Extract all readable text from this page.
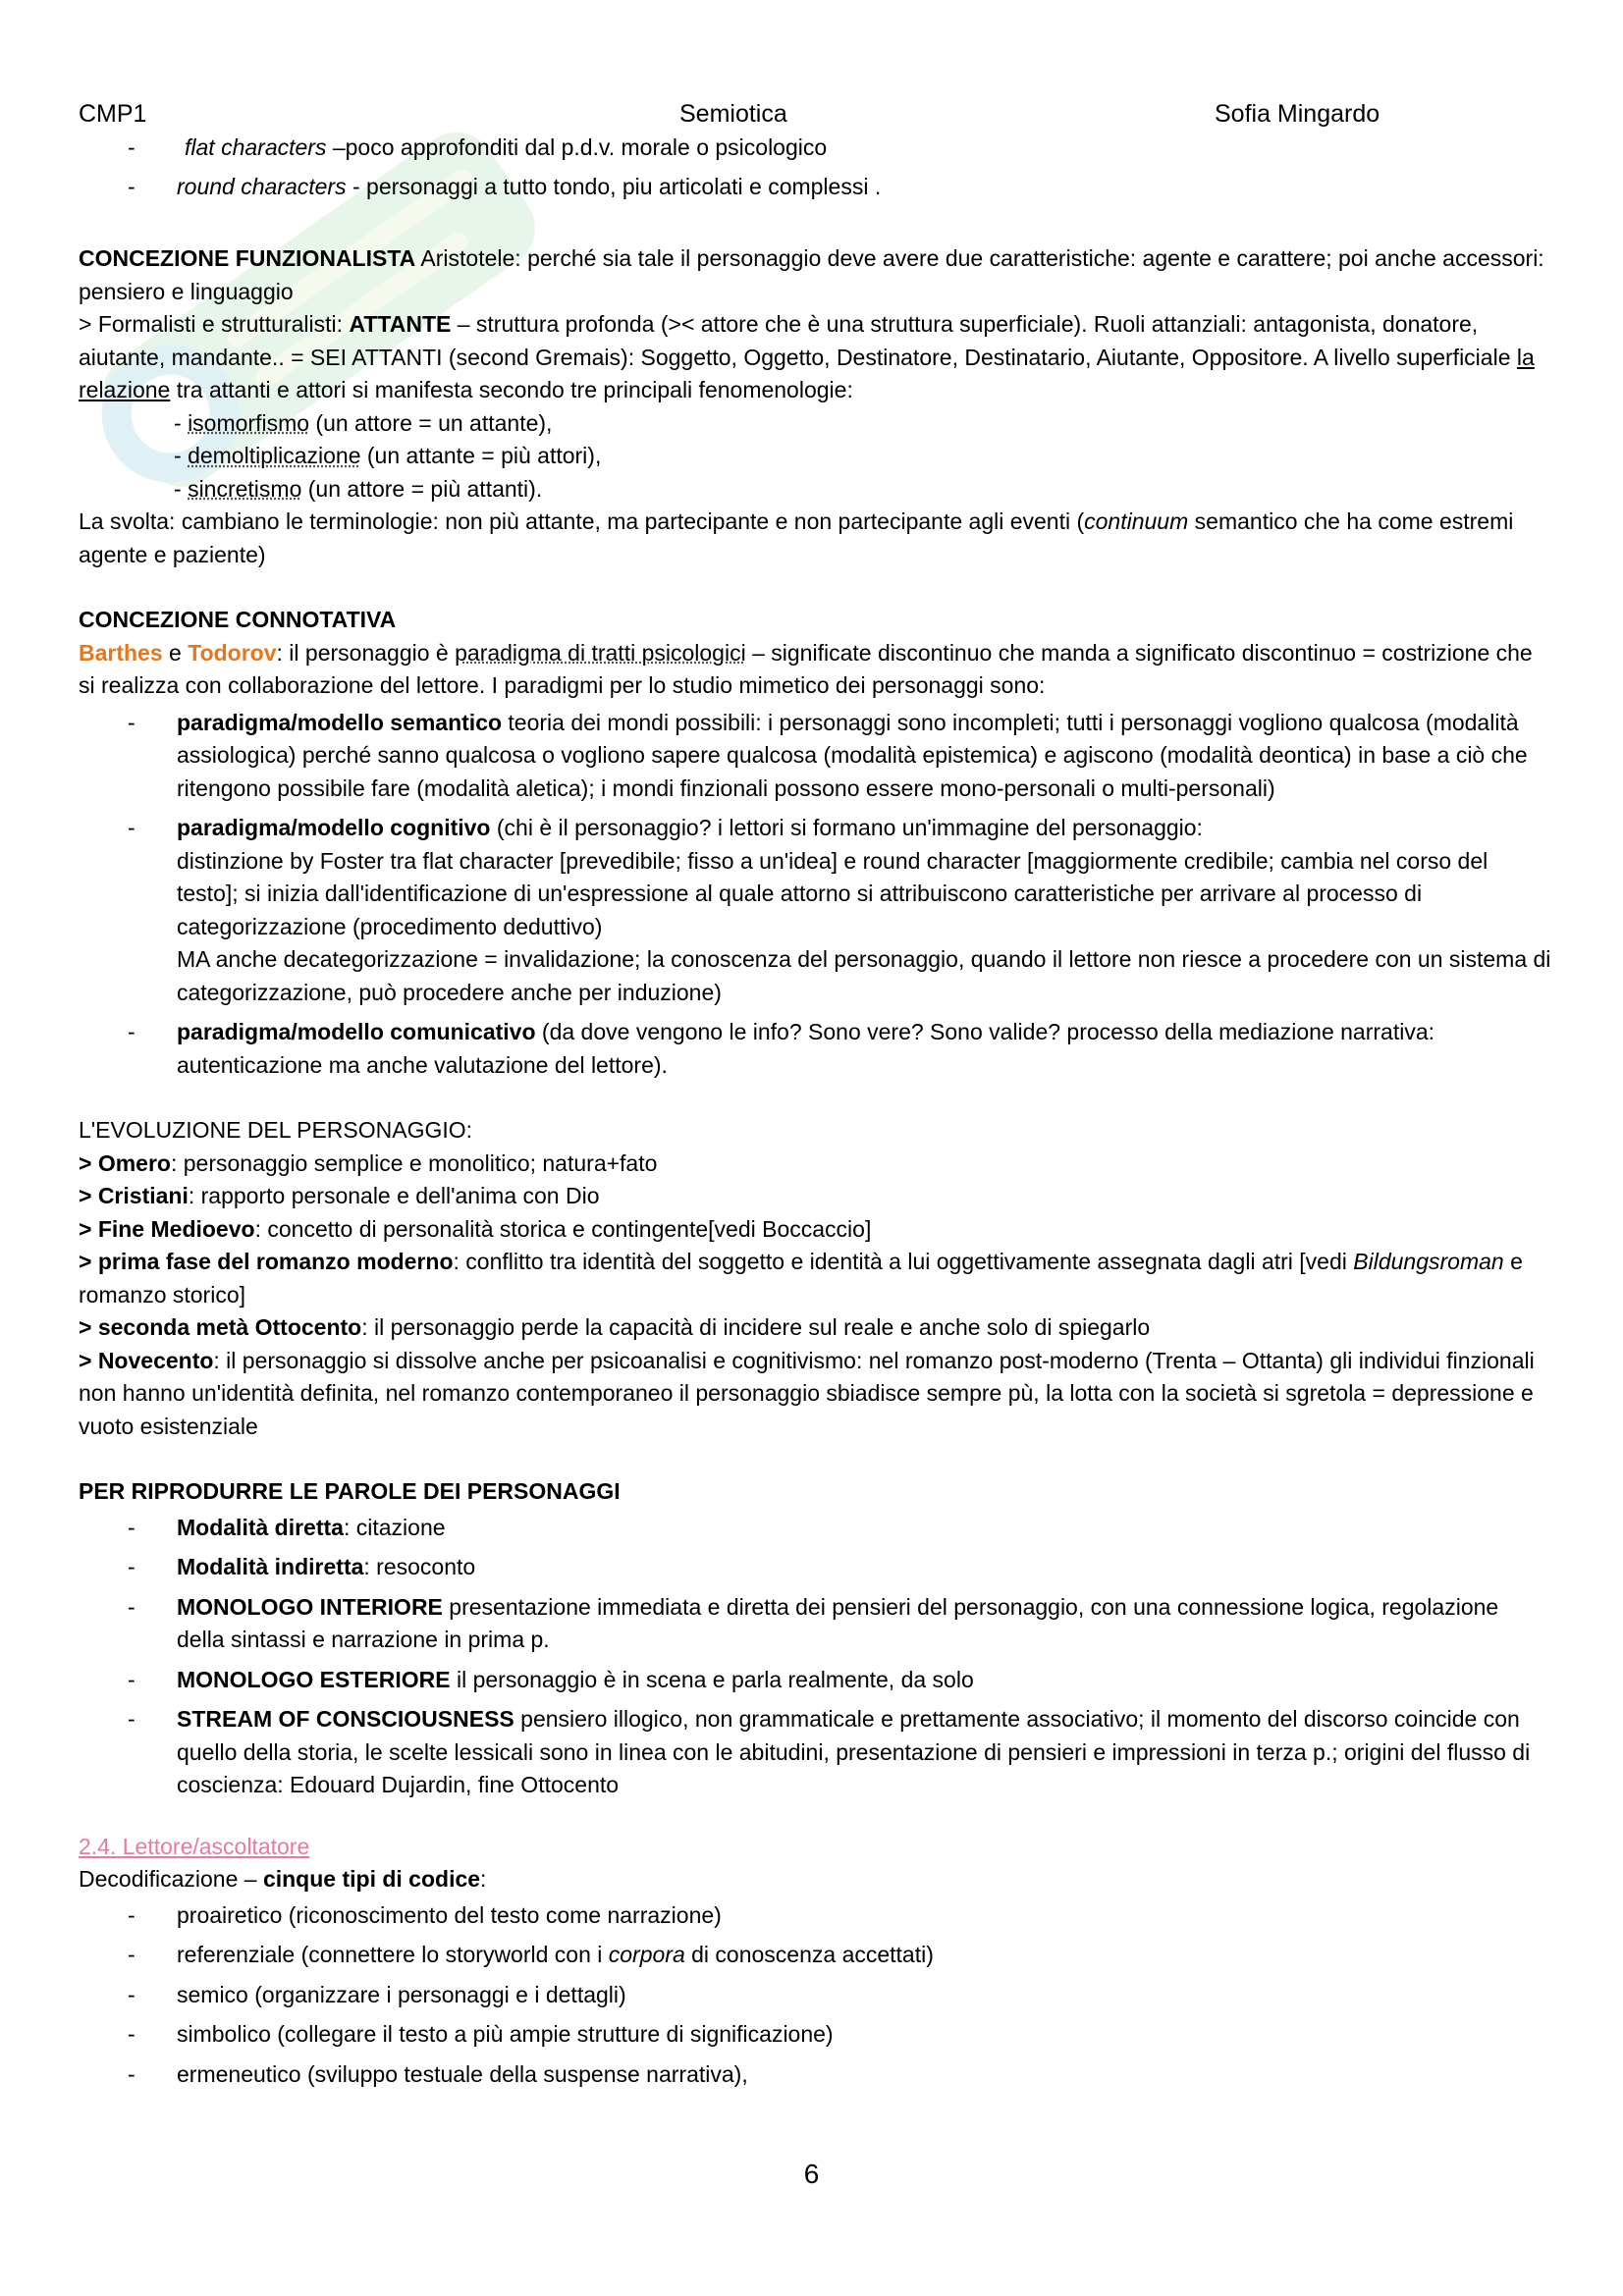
CMP1	Semiotica	Sofia Mingardo
- flat characters –poco approfonditi dal p.d.v. morale o psicologico
- round characters - personaggi a tutto tondo, piu articolati e complessi .

CONCEZIONE FUNZIONALISTA Aristotele: perché sia tale il personaggio deve avere due caratteristiche: agente e carattere; poi anche accessori: pensiero e linguaggio

> Formalisti e strutturalisti: ATTANTE – struttura profonda (>< attore che è una struttura superficiale). Ruoli attanziali: antagonista, donatore, aiutante, mandante.. = SEI ATTANTI (second Gremais): Soggetto, Oggetto, Destinatore, Destinatario, Aiutante, Oppositore. A livello superficiale la relazione tra attanti e attori si manifesta secondo tre principali fenomenologie:

- isomorfismo (un attore = un attante),

- demoltiplicazione (un attante = più attori),

- sincretismo (un attore = più attanti).

La svolta: cambiano le terminologie: non più attante, ma partecipante e non partecipante agli eventi (continuum semantico che ha come estremi agente e paziente)

CONCEZIONE CONNOTATIVA

Barthes e Todorov: il personaggio è paradigma di tratti psicologici – significate discontinuo che manda a significato discontinuo = costrizione che si realizza con collaborazione del lettore. I paradigmi per lo studio mimetico dei personaggi sono:

- paradigma/modello semantico teoria dei mondi possibili: i personaggi sono incompleti; tutti i personaggi vogliono qualcosa (modalità assiologica) perché sanno qualcosa o vogliono sapere qualcosa (modalità epistemica) e agiscono (modalità deontica) in base a ciò che ritengono possibile fare (modalità aletica); i mondi finzionali possono essere mono-personali o multi-personali)
- paradigma/modello cognitivo (chi è il personaggio? i lettori si formano un'immagine del personaggio:
distinzione by Foster tra flat character [prevedibile; fisso a un'idea] e round character [maggiormente credibile; cambia nel corso del testo]; si inizia dall'identificazione di un'espressione al quale attorno si attribuiscono caratteristiche per arrivare al processo di categorizzazione (procedimento deduttivo)
MA anche decategorizzazione = invalidazione; la conoscenza del personaggio, quando il lettore non riesce a procedere con un sistema di categorizzazione, può procedere anche per induzione)
- paradigma/modello comunicativo (da dove vengono le info? Sono vere? Sono valide? processo della mediazione narrativa: autenticazione ma anche valutazione del lettore).

L'EVOLUZIONE DEL PERSONAGGIO:

> Omero: personaggio semplice e monolitico; natura+fato

> Cristiani: rapporto personale e dell'anima con Dio

> Fine Medioevo: concetto di personalità storica e contingente[vedi Boccaccio]

> prima fase del romanzo moderno: conflitto tra identità del soggetto e identità a lui oggettivamente assegnata dagli atri [vedi Bildungsroman e romanzo storico]

> seconda metà Ottocento: il personaggio perde la capacità di incidere sul reale e anche solo di spiegarlo

> Novecento: il personaggio si dissolve anche per psicoanalisi e cognitivismo: nel romanzo post-moderno (Trenta – Ottanta) gli individui finzionali non hanno un'identità definita, nel romanzo contemporaneo il personaggio sbiadisce sempre pù, la lotta con la società si sgretola = depressione e vuoto esistenziale

PER RIPRODURRE LE PAROLE DEI PERSONAGGI

- Modalità diretta: citazione
- Modalità indiretta: resoconto
- MONOLOGO INTERIORE presentazione immediata e diretta dei pensieri del personaggio, con una connessione logica, regolazione della sintassi e narrazione in prima p.
- MONOLOGO ESTERIORE il personaggio è in scena e parla realmente, da solo
- STREAM OF CONSCIOUSNESS pensiero illogico, non grammaticale e prettamente associativo; il momento del discorso coincide con quello della storia, le scelte lessicali sono in linea con le abitudini, presentazione di pensieri e impressioni in terza p.; origini del flusso di coscienza: Edouard Dujardin, fine Ottocento

2.4. Lettore/ascoltatore

Decodificazione – cinque tipi di codice:

- proairetico (riconoscimento del testo come narrazione)
- referenziale (connettere lo storyworld con i corpora di conoscenza accettati)
- semico (organizzare i personaggi e i dettagli)
- simbolico (collegare il testo a più ampie strutture di significazione)
- ermeneutico (sviluppo testuale della suspense narrativa),
6
